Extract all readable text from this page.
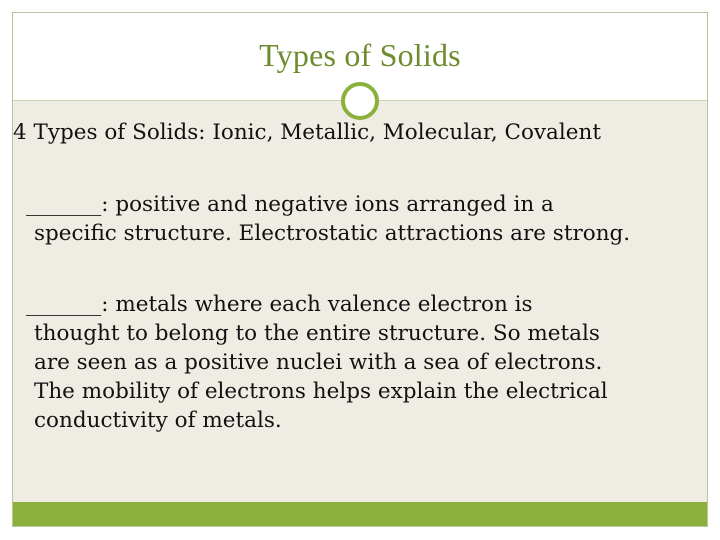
Types of Solids

4 Types of Solids: Ionic, Metallic, Molecular, Covalent

_______: positive and negative ions arranged in a
specific structure. Electrostatic attractions are strong.
_______: metals where each valence electron is
thought to belong to the entire structure. So metals
are seen as a positive nuclei with a sea of electrons.
The mobility of electrons helps explain the electrical
conductivity of metals.
